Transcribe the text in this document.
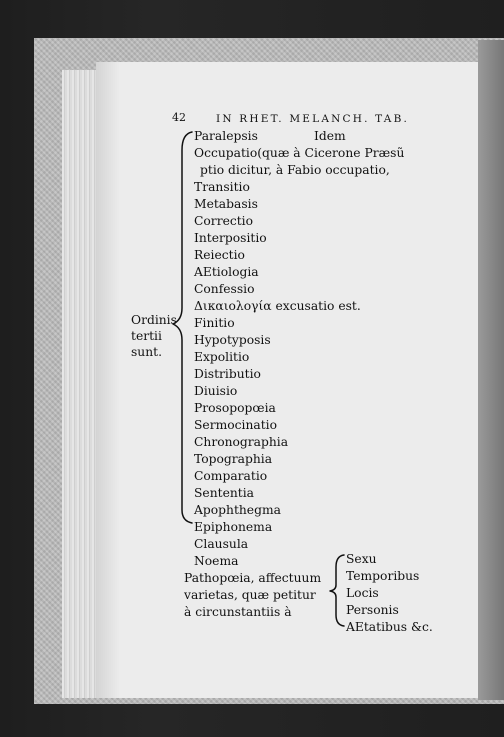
42	IN RHET. MELANCH. TAB.
Ordinis
tertii
sunt.
Paralepsis	Idem
Occupatio(quæ à Cicerone Præsũ
ptio dicitur, à Fabio occupatio,
Transitio
Metabasis
Correctio
Interpositio
Reiectio
AEtiologia
Confessio
Δικαιολογία excusatio est.
Finitio
Hypotyposis
Expolitio
Distributio
Diuisio
Prosopopœia
Sermocinatio
Chronographia
Topographia
Comparatio
Sententia
Apophthegma
Epiphonema
Clausula
Noema
Pathopœia, affectuum
varietas, quæ petitur
à circunstantiis à
Sexu
Temporibus
Locis
Personis
AEtatibus &c.
